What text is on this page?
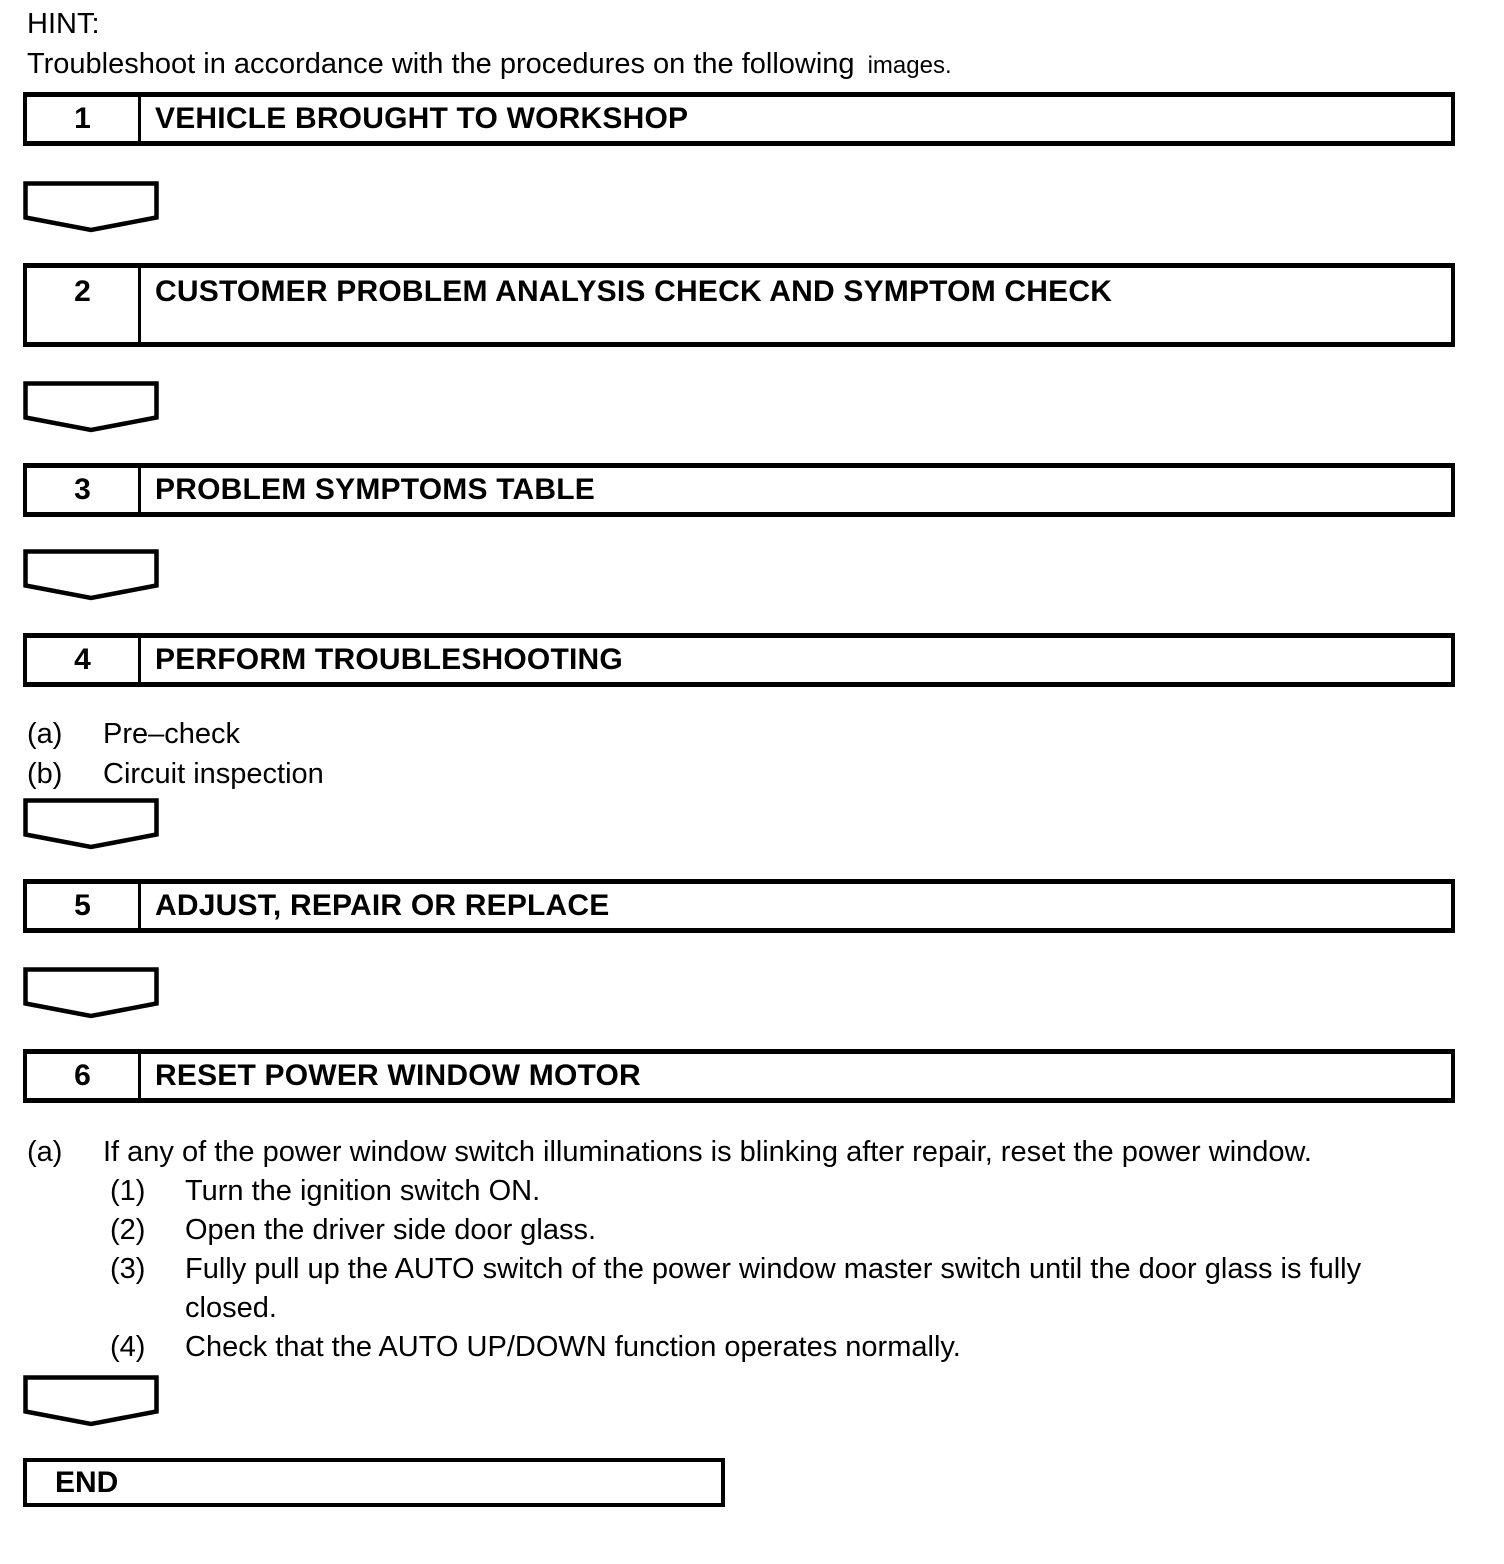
HINT:
Troubleshoot in accordance with the procedures on the following images.
1	VEHICLE BROUGHT TO WORKSHOP
2	CUSTOMER PROBLEM ANALYSIS CHECK AND SYMPTOM CHECK
3	PROBLEM SYMPTOMS TABLE
4	PERFORM TROUBLESHOOTING
(a)	Pre–check
(b)	Circuit inspection
5	ADJUST, REPAIR OR REPLACE
6	RESET POWER WINDOW MOTOR
(a)	If any of the power window switch illuminations is blinking after repair, reset the power window.
(1)	Turn the ignition switch ON.
(2)	Open the driver side door glass.
(3)	Fully pull up the AUTO switch of the power window master switch until the door glass is fully closed.
(4)	Check that the AUTO UP/DOWN function operates normally.
END
